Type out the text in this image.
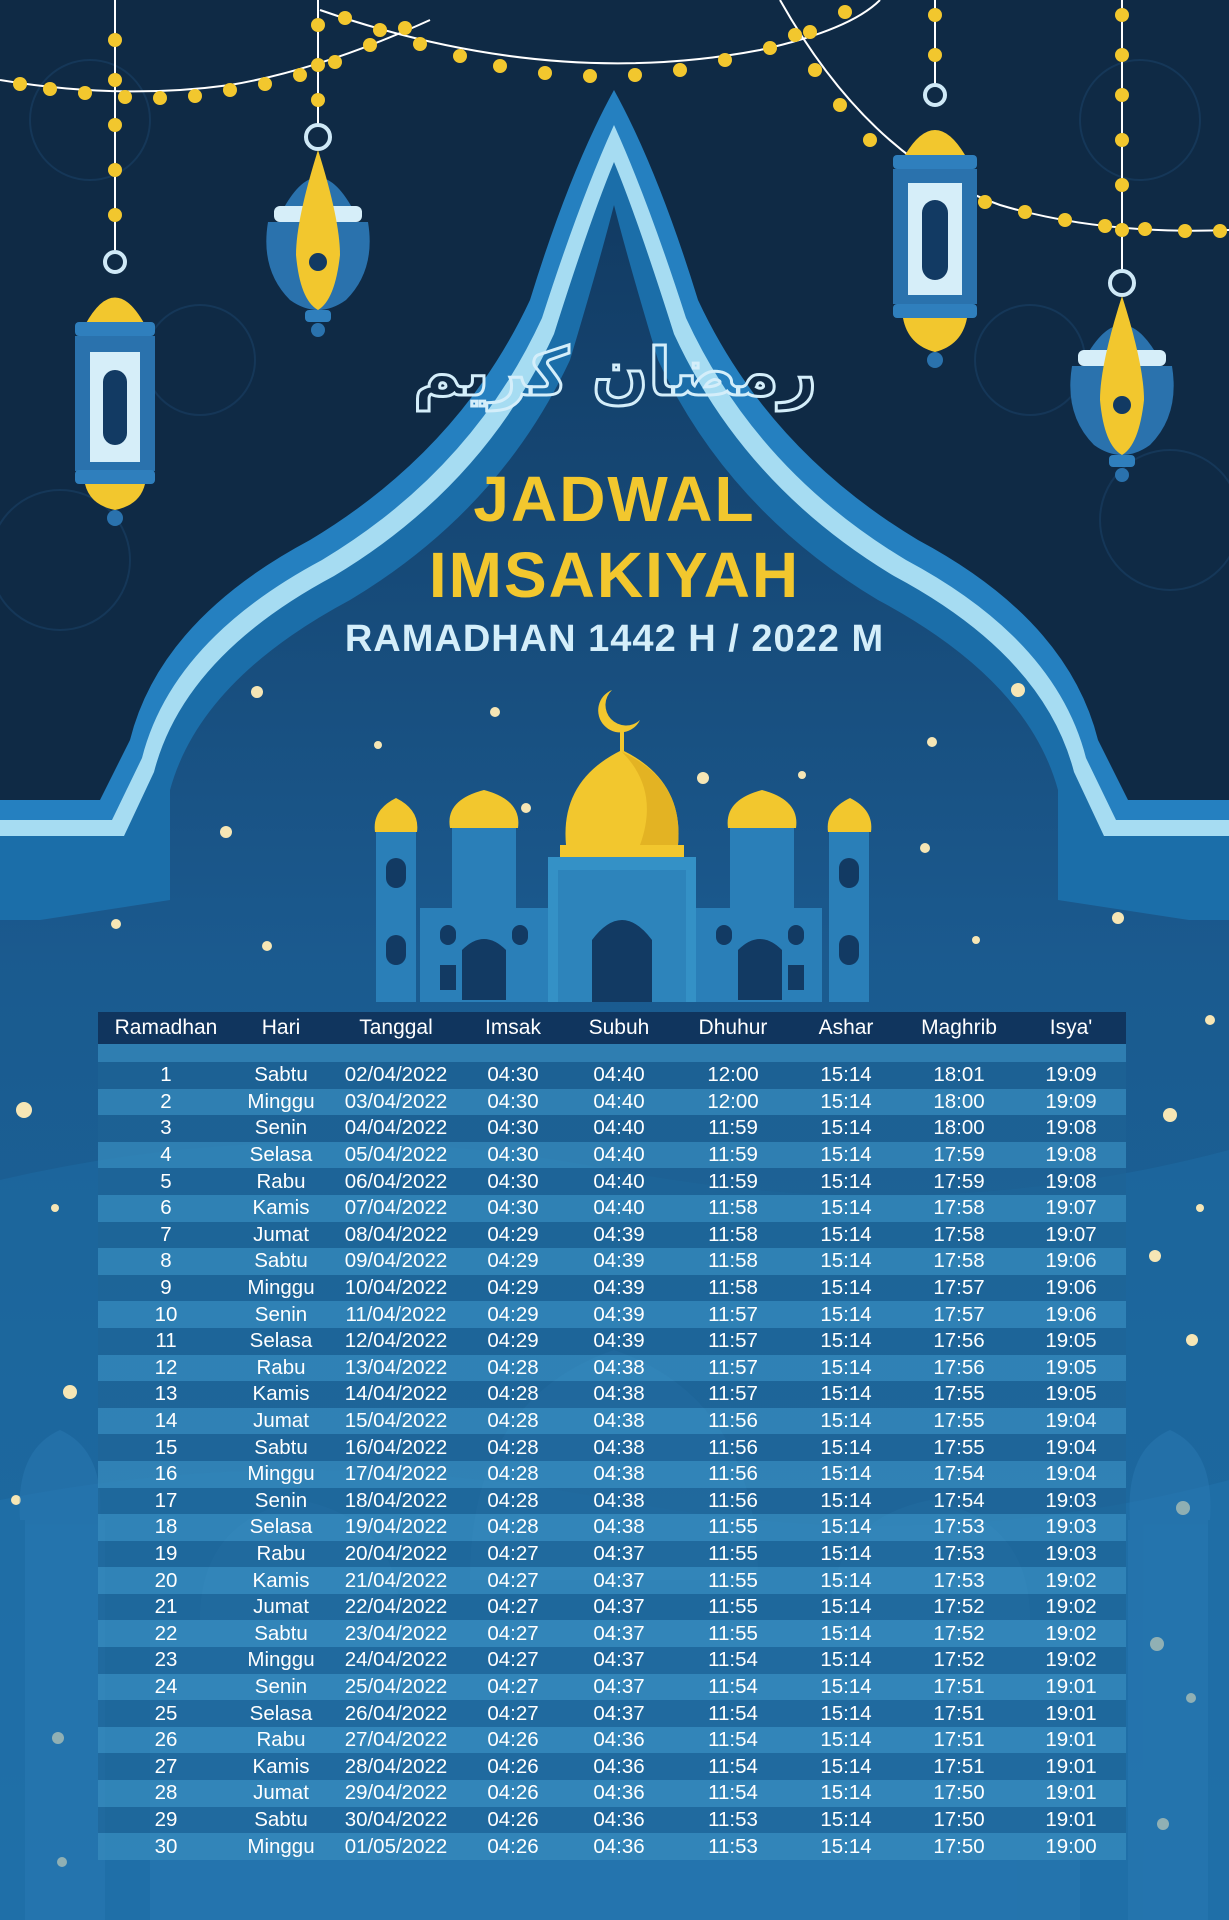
رمضان كريم
JADWAL
IMSAKIYAH
RAMADHAN 1442 H / 2022 M
Ramadhan	Hari	Tanggal	Imsak	Subuh	Dhuhur	Ashar	Maghrib	Isya'

1	Sabtu	02/04/2022	04:30	04:40	12:00	15:14	18:01	19:09
2	Minggu	03/04/2022	04:30	04:40	12:00	15:14	18:00	19:09
3	Senin	04/04/2022	04:30	04:40	11:59	15:14	18:00	19:08
4	Selasa	05/04/2022	04:30	04:40	11:59	15:14	17:59	19:08
5	Rabu	06/04/2022	04:30	04:40	11:59	15:14	17:59	19:08
6	Kamis	07/04/2022	04:30	04:40	11:58	15:14	17:58	19:07
7	Jumat	08/04/2022	04:29	04:39	11:58	15:14	17:58	19:07
8	Sabtu	09/04/2022	04:29	04:39	11:58	15:14	17:58	19:06
9	Minggu	10/04/2022	04:29	04:39	11:58	15:14	17:57	19:06
10	Senin	11/04/2022	04:29	04:39	11:57	15:14	17:57	19:06
11	Selasa	12/04/2022	04:29	04:39	11:57	15:14	17:56	19:05
12	Rabu	13/04/2022	04:28	04:38	11:57	15:14	17:56	19:05
13	Kamis	14/04/2022	04:28	04:38	11:57	15:14	17:55	19:05
14	Jumat	15/04/2022	04:28	04:38	11:56	15:14	17:55	19:04
15	Sabtu	16/04/2022	04:28	04:38	11:56	15:14	17:55	19:04
16	Minggu	17/04/2022	04:28	04:38	11:56	15:14	17:54	19:04
17	Senin	18/04/2022	04:28	04:38	11:56	15:14	17:54	19:03
18	Selasa	19/04/2022	04:28	04:38	11:55	15:14	17:53	19:03
19	Rabu	20/04/2022	04:27	04:37	11:55	15:14	17:53	19:03
20	Kamis	21/04/2022	04:27	04:37	11:55	15:14	17:53	19:02
21	Jumat	22/04/2022	04:27	04:37	11:55	15:14	17:52	19:02
22	Sabtu	23/04/2022	04:27	04:37	11:55	15:14	17:52	19:02
23	Minggu	24/04/2022	04:27	04:37	11:54	15:14	17:52	19:02
24	Senin	25/04/2022	04:27	04:37	11:54	15:14	17:51	19:01
25	Selasa	26/04/2022	04:27	04:37	11:54	15:14	17:51	19:01
26	Rabu	27/04/2022	04:26	04:36	11:54	15:14	17:51	19:01
27	Kamis	28/04/2022	04:26	04:36	11:54	15:14	17:51	19:01
28	Jumat	29/04/2022	04:26	04:36	11:54	15:14	17:50	19:01
29	Sabtu	30/04/2022	04:26	04:36	11:53	15:14	17:50	19:01
30	Minggu	01/05/2022	04:26	04:36	11:53	15:14	17:50	19:00
